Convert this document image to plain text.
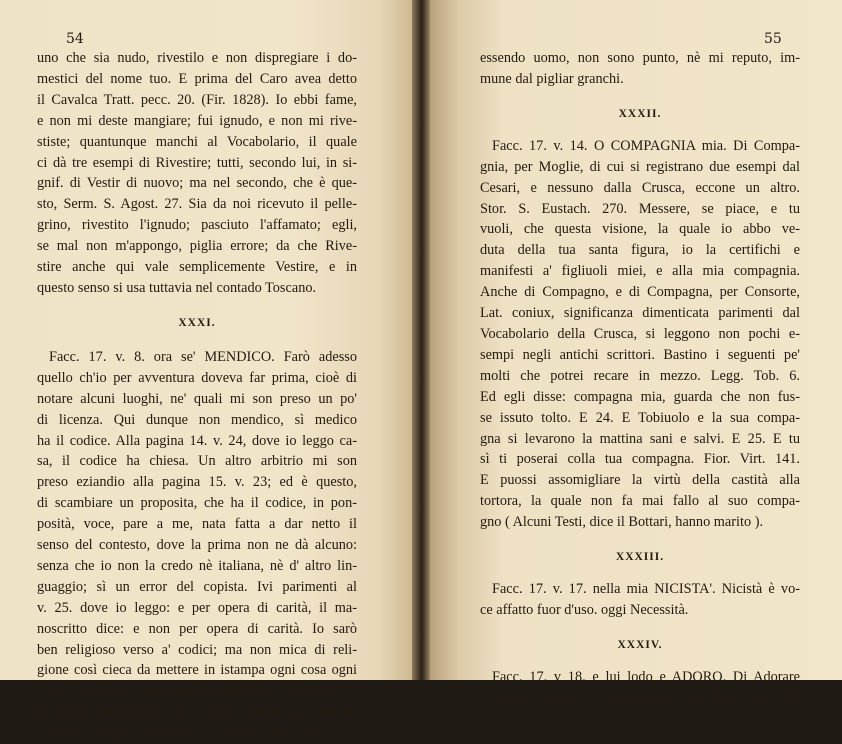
54
uno che sia nudo, rivestilo e non dispregiare i do-
mestici del nome tuo. E prima del Caro avea detto
il Cavalca Tratt. pecc. 20. (Fir. 1828). Io ebbi fame,
e non mi deste mangiare; fui ignudo, e non mi rive-
stiste; quantunque manchi al Vocabolario, il quale
ci dà tre esempi di Rivestire; tutti, secondo lui, in si-
gnif. di Vestir di nuovo; ma nel secondo, che è que-
sto, Serm. S. Agost. 27. Sia da noi ricevuto il pelle-
grino, rivestito l'ignudo; pasciuto l'affamato; egli,
se mal non m'appongo, piglia errore; da che Rive-
stire anche qui vale semplicemente Vestire, e in
questo senso si usa tuttavia nel contado Toscano.
XXXI.
Facc. 17. v. 8. ora se' MENDICO. Farò adesso
quello ch'io per avventura doveva far prima, cioè di
notare alcuni luoghi, ne' quali mi son preso un po'
di licenza. Qui dunque non mendico, sì medico
ha il codice. Alla pagina 14. v. 24, dove io leggo ca-
sa, il codice ha chiesa. Un altro arbitrio mi son
preso eziandio alla pagina 15. v. 23; ed è questo,
di scambiare un proposita, che ha il codice, in pon-
posità, voce, pare a me, nata fatta a dar netto il
senso del contesto, dove la prima non ne dà alcuno:
senza che io non la credo nè italiana, nè d' altro lin-
guaggio; sì un error del copista. Ivi parimenti al
v. 25. dove io leggo: e per opera di carità, il ma-
noscritto dice: e non per opera di carità. Io sarò
ben religioso verso a' codici; ma non mica di reli-
gione così cieca da mettere in istampa ogni cosa ogni
cosa, che in essi rinvengo; eziandio gli strafalcioni e
le pretté sbadataggini de' copisti. queste no. Ben ne
renderò sempre avvisato il lettore, che anch' io,
55
essendo uomo, non sono punto, nè mi reputo, im-
mune dal pigliar granchi.
XXXII.
Facc. 17. v. 14. O COMPAGNIA mia. Di Compa-
gnia, per Moglie, di cui si registrano due esempi dal
Cesari, e nessuno dalla Crusca, eccone un altro.
Stor. S. Eustach. 270. Messere, se piace, e tu
vuoli, che questa visione, la quale io abbo ve-
duta della tua santa figura, io la certifichi e
manifesti a' figliuoli miei, e alla mia compagnia.
Anche di Compagno, e di Compagna, per Consorte,
Lat. coniux, significanza dimenticata parimenti dal
Vocabolario della Crusca, si leggono non pochi e-
sempi negli antichi scrittori. Bastino i seguenti pe'
molti che potrei recare in mezzo. Legg. Tob. 6.
Ed egli disse: compagna mia, guarda che non fus-
se issuto tolto. E 24. E Tobiuolo e la sua compa-
gna si levarono la mattina sani e salvi. E 25. E tu
sì ti poserai colla tua compagna. Fior. Virt. 141.
E puossi assomigliare la virtù della castità alla
tortora, la quale non fa mai fallo al suo compa-
gno ( Alcuni Testi, dice il Bottari, hanno marito ).
XXXIII.
Facc. 17. v. 17. nella mia NICISTA'. Nicistà è vo-
ce affatto fuor d'uso. oggi Necessità.
XXXIV.
Facc. 17. v 18. e lui lodo e ADORO. Di Adorare
in questo senso, il Vocabolario non allega del 300
